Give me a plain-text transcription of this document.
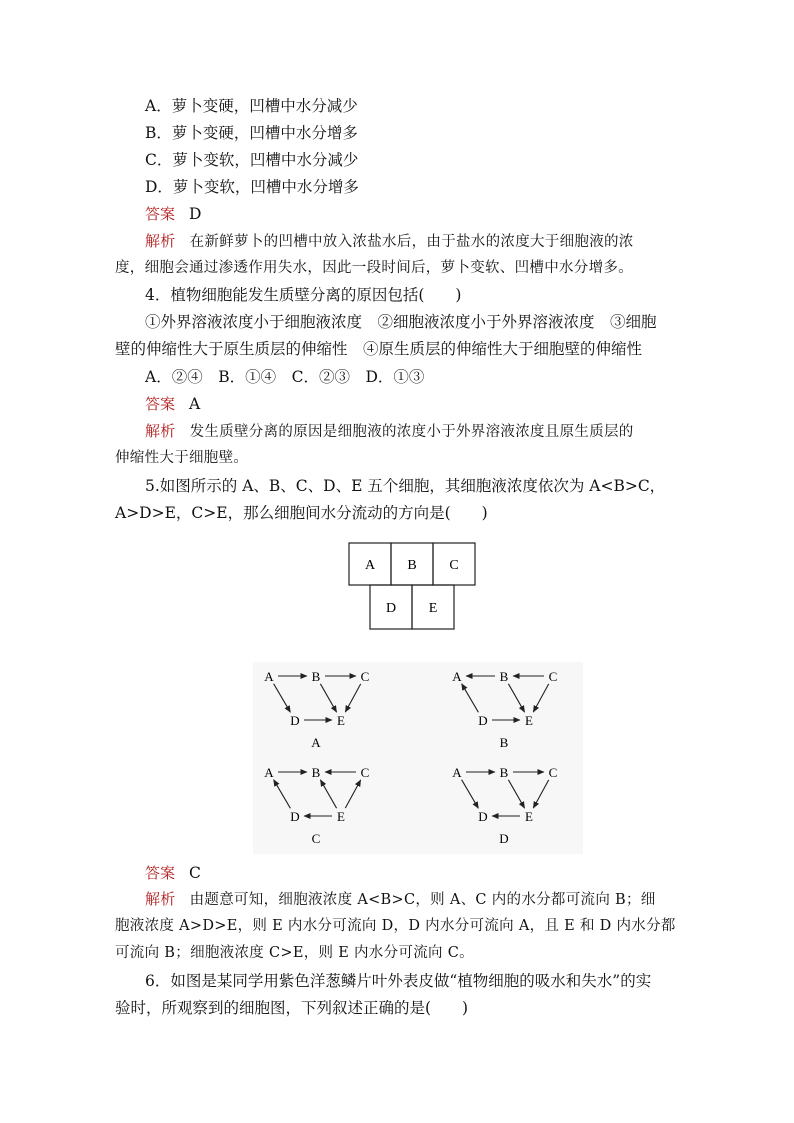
A．萝卜变硬，凹槽中水分减少
B．萝卜变硬，凹槽中水分增多
C．萝卜变软，凹槽中水分减少
D．萝卜变软，凹槽中水分增多
答案 D
解析 在新鲜萝卜的凹槽中放入浓盐水后，由于盐水的浓度大于细胞液的浓
度，细胞会通过渗透作用失水，因此一段时间后，萝卜变软、凹槽中水分增多。
4．植物细胞能发生质壁分离的原因包括(　　)
①外界溶液浓度小于细胞液浓度　②细胞液浓度小于外界溶液浓度　③细胞
壁的伸缩性大于原生质层的伸缩性　④原生质层的伸缩性大于细胞壁的伸缩性
A．②④　B．①④　C．②③　D．①③
答案 A
解析 发生质壁分离的原因是细胞液的浓度小于外界溶液浓度且原生质层的
伸缩性大于细胞壁。
5.如图所示的 A、B、C、D、E 五个细胞，其细胞液浓度依次为 A<B>C，
A>D>E，C>E，那么细胞间水分流动的方向是(　　)
A B C
D E
A	B	C
D	E
A
A	B	C
D	E
B
A	B	C
D	E
C
A	B	C
D	E
D
答案 C
解析 由题意可知，细胞液浓度 A<B>C，则 A、C 内的水分都可流向 B；细
胞液浓度 A>D>E，则 E 内水分可流向 D，D 内水分可流向 A，且 E 和 D 内水分都
可流向 B；细胞液浓度 C>E，则 E 内水分可流向 C。
6．如图是某同学用紫色洋葱鳞片叶外表皮做“植物细胞的吸水和失水”的实
验时，所观察到的细胞图，下列叙述正确的是(　　)
